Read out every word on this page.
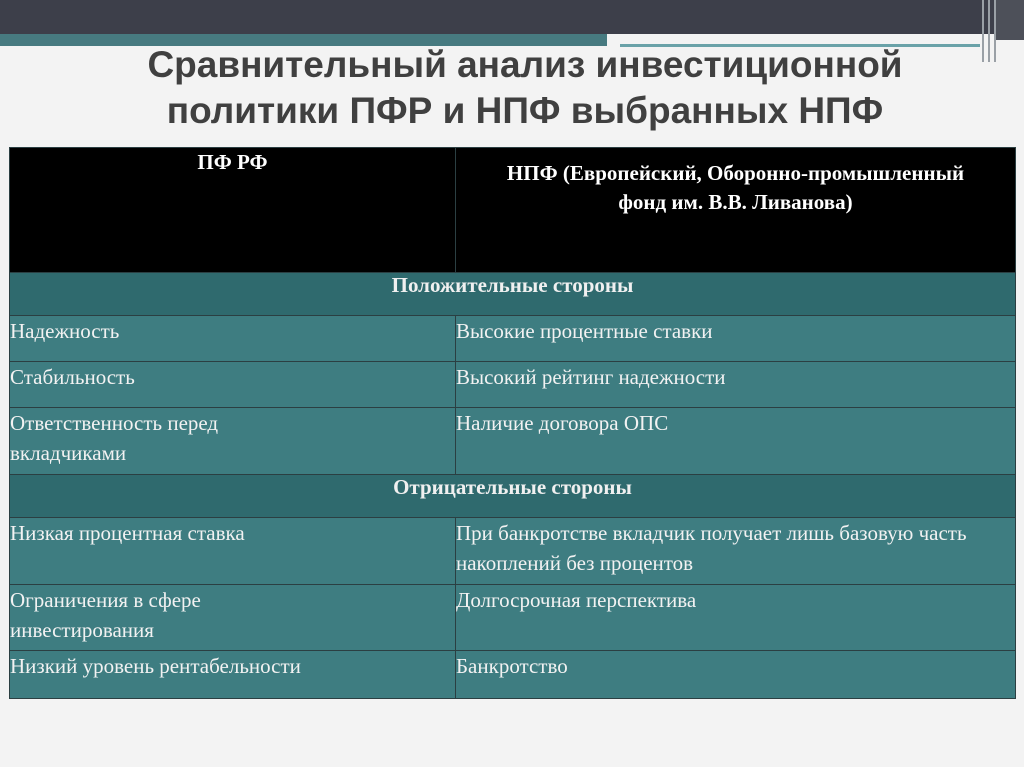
Сравнительный анализ инвестиционной
политики ПФР и НПФ выбранных НПФ
ПФ РФ	НПФ (Европейский, Оборонно-промышленный фонд им. В.В. Ливанова)
Положительные стороны	
Надежность	Высокие процентные ставки
Стабильность	Высокий рейтинг надежности
Ответственность перед вкладчиками	Наличие договора ОПС
Отрицательные стороны	
Низкая процентная ставка	При банкротстве вкладчик получает лишь базовую часть накоплений без процентов
Ограничения в сфере инвестирования	Долгосрочная перспектива
Низкий уровень рентабельности	Банкротство
